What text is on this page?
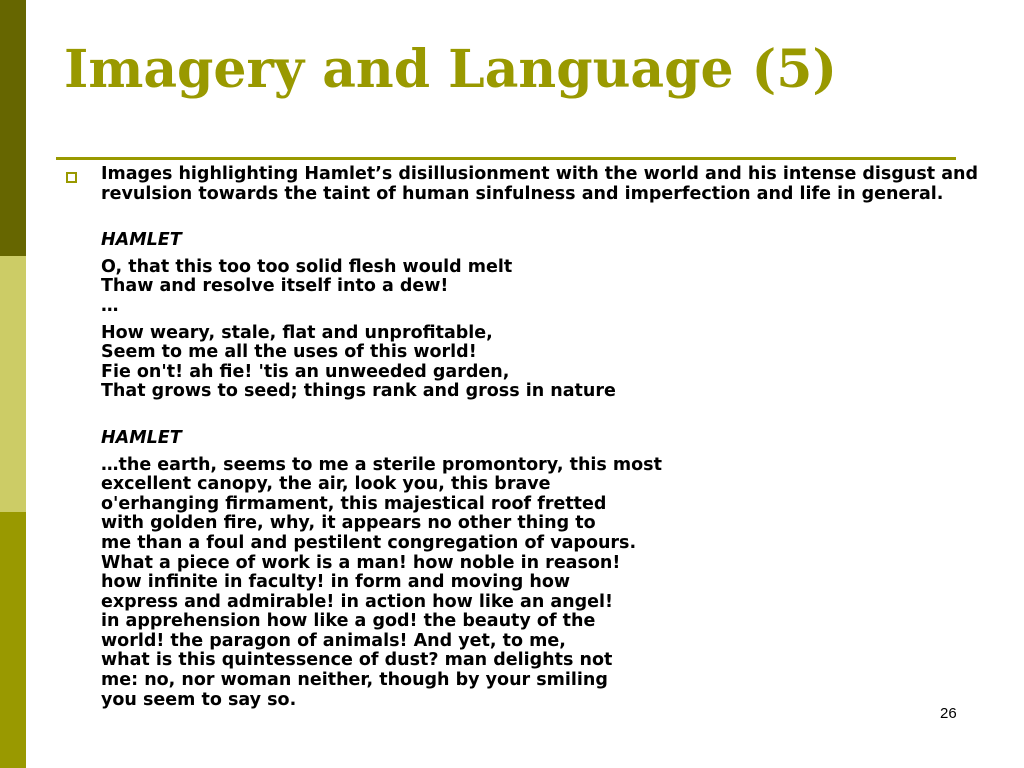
Imagery and Language (5)

Images highlighting Hamlet’s disillusionment with the world and his intense disgust and revulsion towards the taint of human sinfulness and imperfection and life in general.

HAMLET

O, that this too too solid flesh would melt
Thaw and resolve itself into a dew!
…

How weary, stale, flat and unprofitable,
Seem to me all the uses of this world!
Fie on't! ah fie! 'tis an unweeded garden,
That grows to seed; things rank and gross in nature

HAMLET

…the earth, seems to me a sterile promontory, this most
excellent canopy, the air, look you, this brave
o'erhanging firmament, this majestical roof fretted
with golden fire, why, it appears no other thing to
me than a foul and pestilent congregation of vapours.
What a piece of work is a man! how noble in reason!
how infinite in faculty! in form and moving how
express and admirable! in action how like an angel!
in apprehension how like a god! the beauty of the
world! the paragon of animals! And yet, to me,
what is this quintessence of dust? man delights not
me: no, nor woman neither, though by your smiling
you seem to say so.

26
